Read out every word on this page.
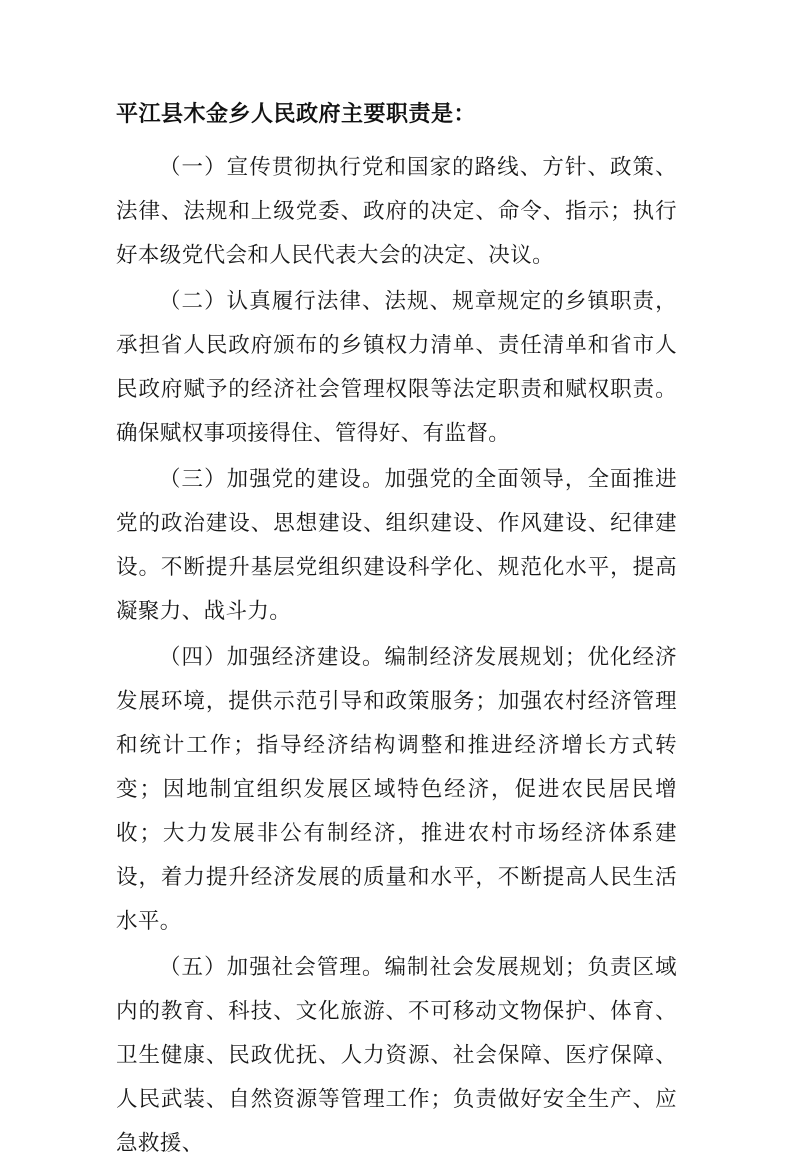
平江县木金乡人民政府主要职责是：

（一）宣传贯彻执行党和国家的路线、方针、政策、法律、法规和上级党委、政府的决定、命令、指示；执行好本级党代会和人民代表大会的决定、决议。

（二）认真履行法律、法规、规章规定的乡镇职责，承担省人民政府颁布的乡镇权力清单、责任清单和省市人民政府赋予的经济社会管理权限等法定职责和赋权职责。确保赋权事项接得住、管得好、有监督。

（三）加强党的建设。加强党的全面领导，全面推进党的政治建设、思想建设、组织建设、作风建设、纪律建设。不断提升基层党组织建设科学化、规范化水平，提高凝聚力、战斗力。

（四）加强经济建设。编制经济发展规划；优化经济发展环境，提供示范引导和政策服务；加强农村经济管理和统计工作；指导经济结构调整和推进经济增长方式转变；因地制宜组织发展区域特色经济，促进农民居民增收；大力发展非公有制经济，推进农村市场经济体系建设，着力提升经济发展的质量和水平，不断提高人民生活水平。

（五）加强社会管理。编制社会发展规划；负责区域内的教育、科技、文化旅游、不可移动文物保护、体育、卫生健康、民政优抚、人力资源、社会保障、医疗保障、人民武装、自然资源等管理工作；负责做好安全生产、应急救援、
